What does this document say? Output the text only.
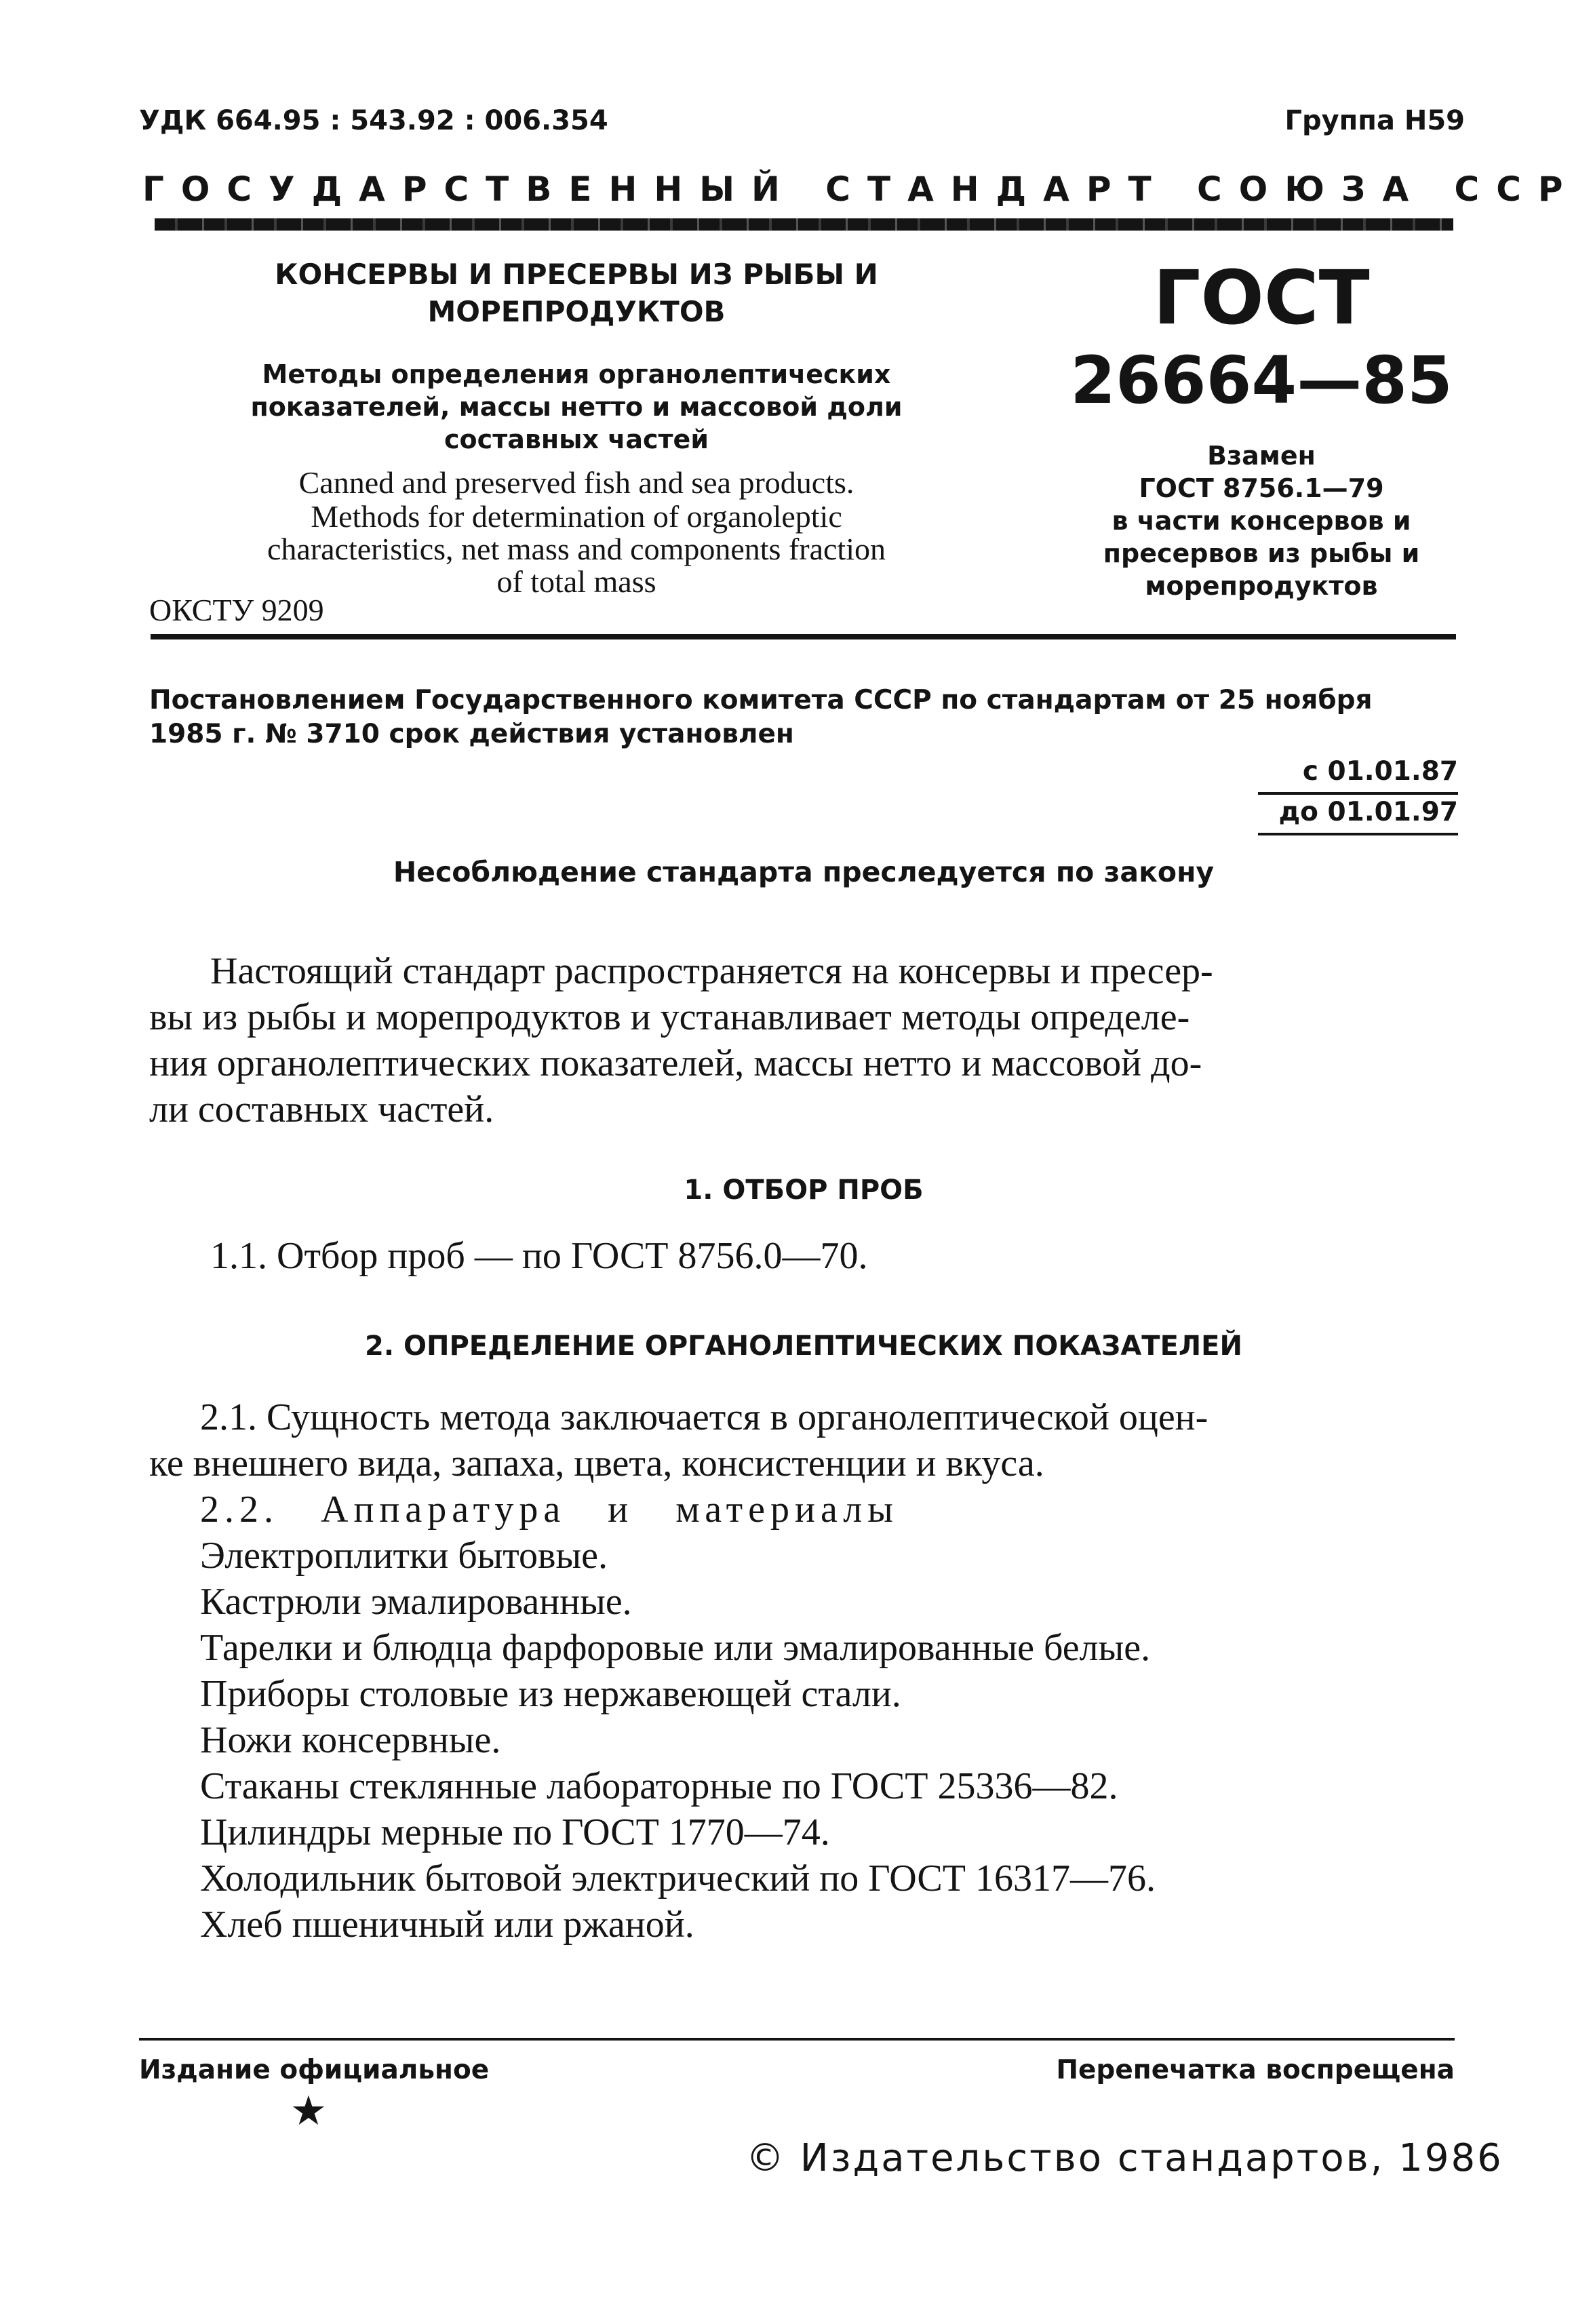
УДК 664.95 : 543.92 : 006.354	Группа Н59
ГОСУДАРСТВЕННЫЙ СТАНДАРТ СОЮЗА ССР
КОНСЕРВЫ И ПРЕСЕРВЫ ИЗ РЫБЫ И
МОРЕПРОДУКТОВ
Методы определения органолептических
показателей, массы нетто и массовой доли
составных частей
Canned and preserved fish and sea products.
Methods for determination of organoleptic
characteristics, net mass and components fraction
of total mass
ОКСТУ 9209
ГОСТ
26664—85
Взамен
ГОСТ 8756.1—79
в части консервов и
пресервов из рыбы и
морепродуктов
Постановлением Государственного комитета СССР по стандартам от 25 ноября
1985 г. № 3710 срок действия установлен
с 01.01.87
до 01.01.97
Несоблюдение стандарта преследуется по закону
Настоящий стандарт распространяется на консервы и пресер-
вы из рыбы и морепродуктов и устанавливает методы определе-
ния органолептических показателей, массы нетто и массовой до-
ли составных частей.
1. ОТБОР ПРОБ
1.1. Отбор проб — по ГОСТ 8756.0—70.
2. ОПРЕДЕЛЕНИЕ ОРГАНОЛЕПТИЧЕСКИХ ПОКАЗАТЕЛЕЙ
2.1. Сущность метода заключается в органолептической оцен-
ке внешнего вида, запаха, цвета, консистенции и вкуса.
2.2. Аппаратура и материалы
Электроплитки бытовые.
Кастрюли эмалированные.
Тарелки и блюдца фарфоровые или эмалированные белые.
Приборы столовые из нержавеющей стали.
Ножи консервные.
Стаканы стеклянные лабораторные по ГОСТ 25336—82.
Цилиндры мерные по ГОСТ 1770—74.
Холодильник бытовой электрический по ГОСТ 16317—76.
Хлеб пшеничный или ржаной.
Издание официальное	Перепечатка воспрещена
★
© Издательство стандартов, 1986
